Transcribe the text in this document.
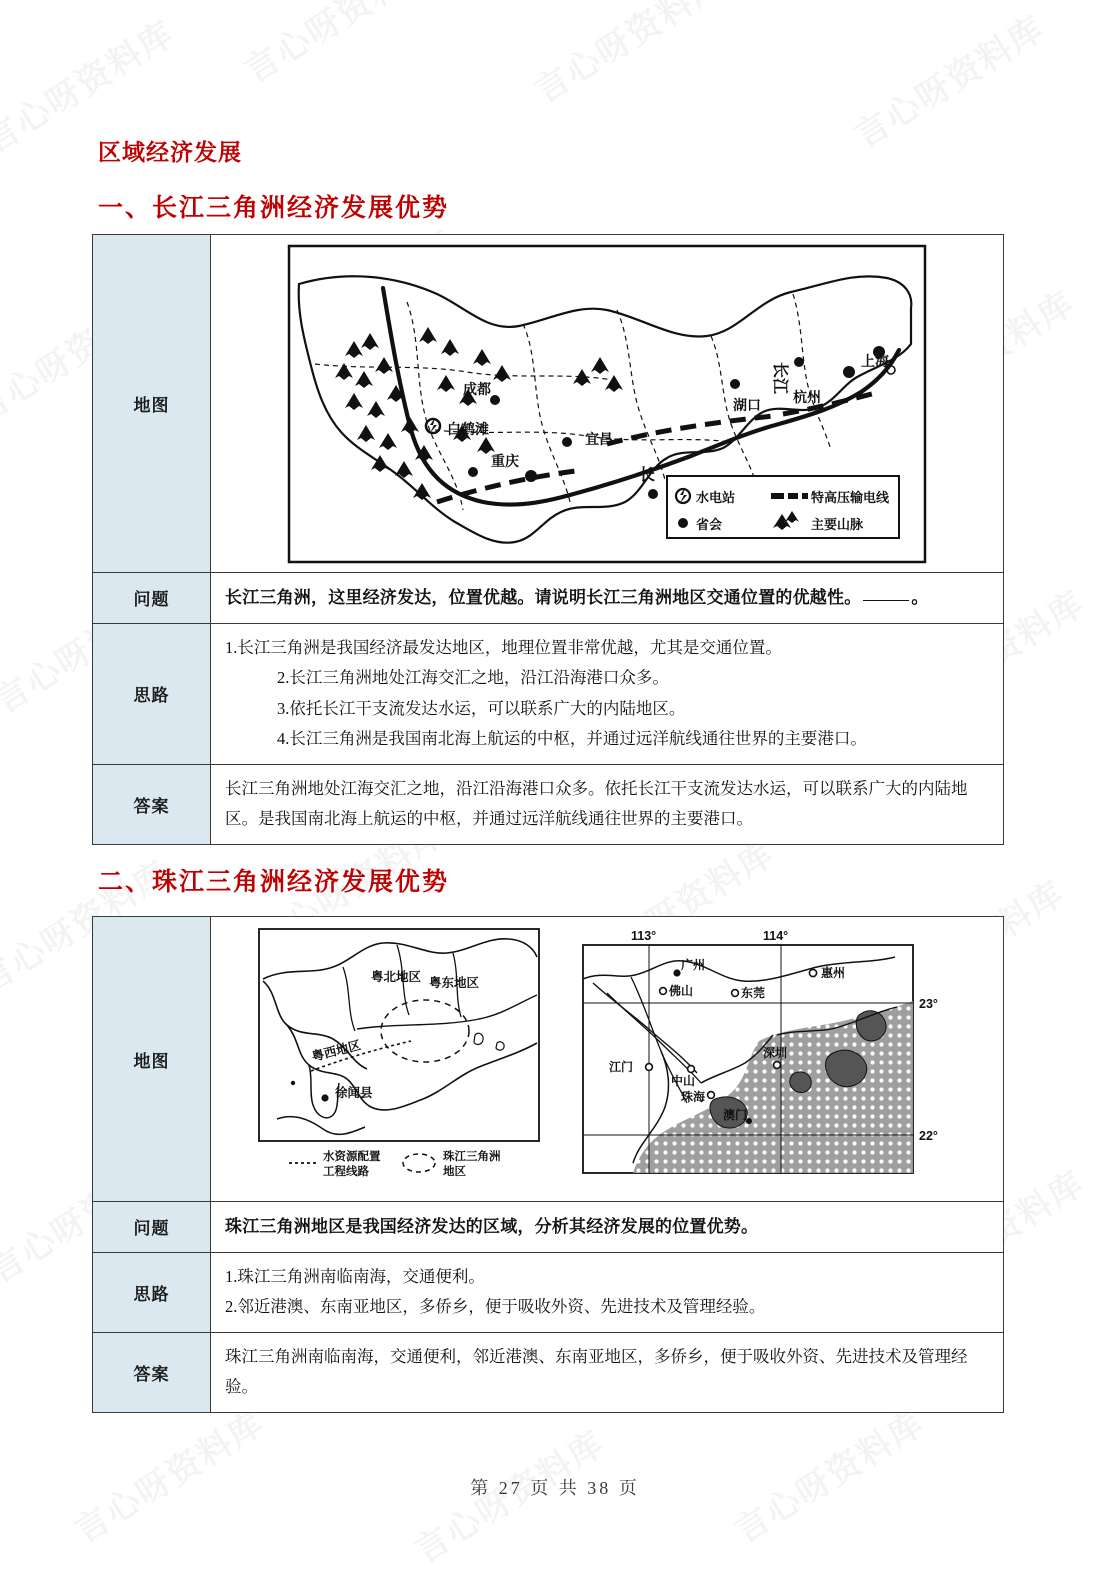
区域经济发展
一、长江三角洲经济发展优势
地图	
成都
重庆
宜昌
上海
杭州
湖口
白鹤滩
长江
长
水电站	特高压输电线
省会	主要山脉

问题	长江三角洲，这里经济发达，位置优越。请说明长江三角洲地区交通位置的优越性。 。
思路	1.长江三角洲是我国经济最发达地区，地理位置非常优越，尤其是交通位置。
2.长江三角洲地处江海交汇之地，沿江沿海港口众多。
3.依托长江干支流发达水运，可以联系广大的内陆地区。
4.长江三角洲是我国南北海上航运的中枢，并通过远洋航线通往世界的主要港口。

答案	长江三角洲地处江海交汇之地，沿江沿海港口众多。依托长江干支流发达水运，可以联系广大的内陆地区。是我国南北海上航运的中枢，并通过远洋航线通往世界的主要港口。
二、珠江三角洲经济发展优势
地图	
粤北地区 粤东地区
粤西地区
徐闻县
水资源配置
工程线路
珠江三角洲
地区
广州
佛山	东莞
惠州
江门
中山
珠海
深圳
澳门
113°	114°
23°
22°

问题	珠江三角洲地区是我国经济发达的区域，分析其经济发展的位置优势。
思路	1.珠江三角洲南临南海，交通便利。
2.邻近港澳、东南亚地区，多侨乡，便于吸收外资、先进技术及管理经验。

答案	珠江三角洲南临南海，交通便利，邻近港澳、东南亚地区，多侨乡，便于吸收外资、先进技术及管理经验。
第 27 页 共 38 页
